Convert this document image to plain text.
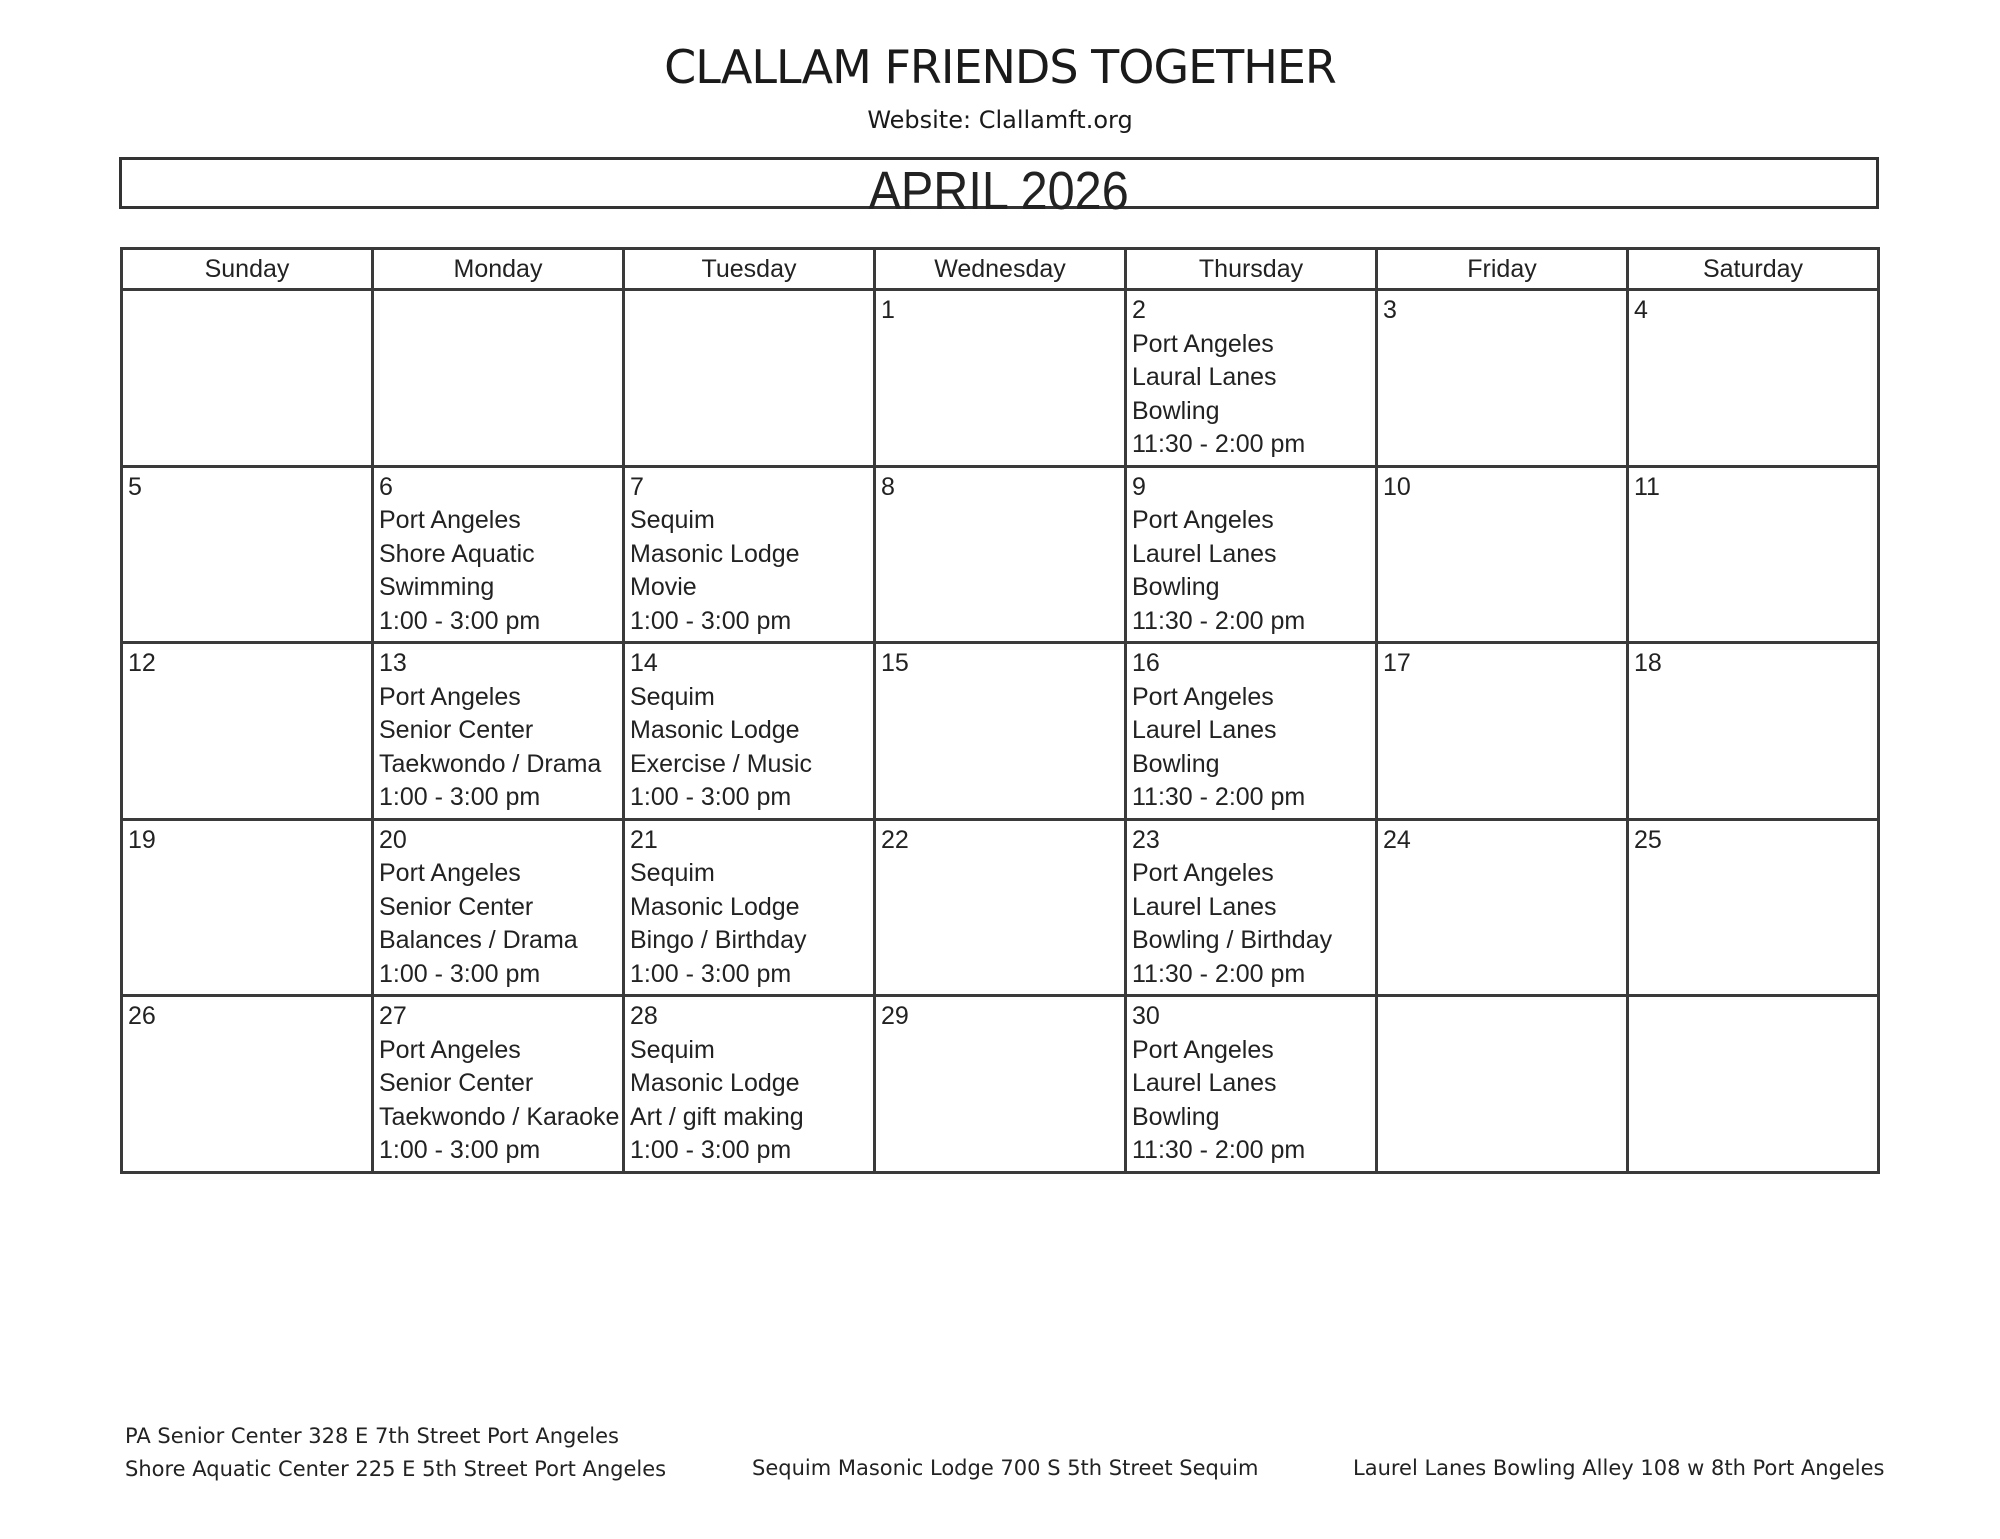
CLALLAM FRIENDS TOGETHER
Website: Clallamft.org
APRIL 2026
Sunday	Monday	Tuesday	Wednesday	Thursday	Friday	Saturday

			1	2
Port Angeles
Laural Lanes
Bowling
11:30 - 2:00 pm	3	4

5	6
Port Angeles
Shore Aquatic
Swimming
1:00 - 3:00 pm	7
Sequim
Masonic Lodge
Movie
1:00 - 3:00 pm	8	9
Port Angeles
Laurel Lanes
Bowling
11:30 - 2:00 pm	10	11

12	13
Port Angeles
Senior Center
Taekwondo / Drama
1:00 - 3:00 pm	14
Sequim
Masonic Lodge
Exercise / Music
1:00 - 3:00 pm	15	16
Port Angeles
Laurel Lanes
Bowling
11:30 - 2:00 pm	17	18

19	20
Port Angeles
Senior Center
Balances / Drama
1:00 - 3:00 pm	21
Sequim
Masonic Lodge
Bingo / Birthday
1:00 - 3:00 pm	22	23
Port Angeles
Laurel Lanes
Bowling / Birthday
11:30 - 2:00 pm	24	25

26	27
Port Angeles
Senior Center
Taekwondo / Karaoke
1:00 - 3:00 pm	28
Sequim
Masonic Lodge
Art / gift making
1:00 - 3:00 pm	29	30
Port Angeles
Laurel Lanes
Bowling
11:30 - 2:00 pm		

PA Senior Center 328 E 7th Street Port Angeles
Shore Aquatic Center 225 E 5th Street Port Angeles	Sequim Masonic Lodge 700 S 5th Street Sequim	Laurel Lanes Bowling Alley 108 w 8th Port Angeles
